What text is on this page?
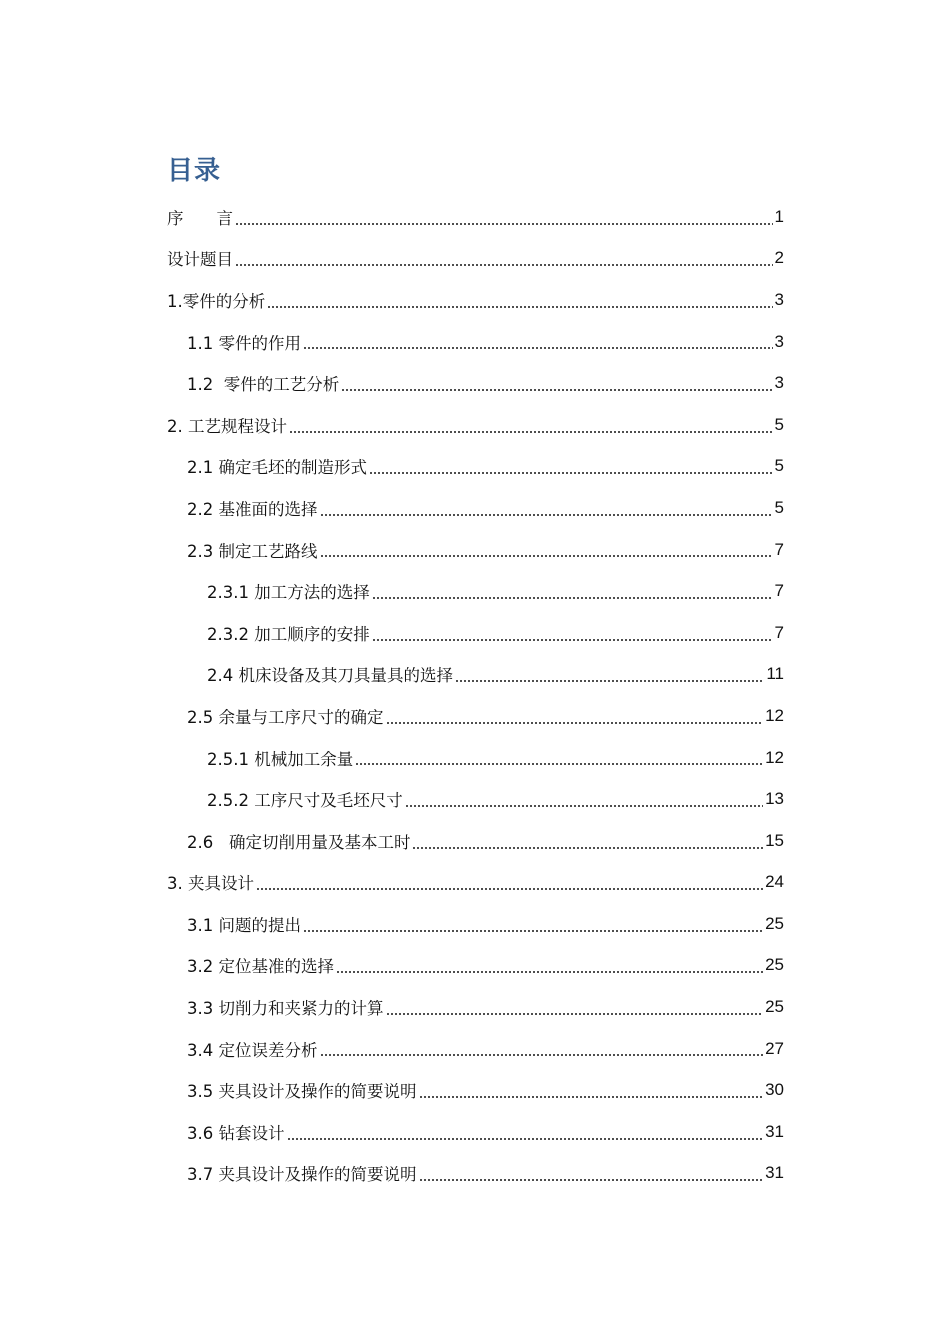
目录
序　　言	1
设计题目	2
1.零件的分析	3
1.1 零件的作用	3
1.2  零件的工艺分析	3
2. 工艺规程设计	5
2.1 确定毛坯的制造形式	5
2.2 基准面的选择	5
2.3 制定工艺路线	7
2.3.1 加工方法的选择	7
2.3.2 加工顺序的安排	7
2.4 机床设备及其刀具量具的选择	11
2.5 余量与工序尺寸的确定	12
2.5.1 机械加工余量	12
2.5.2 工序尺寸及毛坯尺寸	13
2.6   确定切削用量及基本工时	15
3. 夹具设计	24
3.1 问题的提出	25
3.2 定位基准的选择	25
3.3 切削力和夹紧力的计算	25
3.4 定位误差分析	27
3.5 夹具设计及操作的简要说明	30
3.6 钻套设计	31
3.7 夹具设计及操作的简要说明	31
